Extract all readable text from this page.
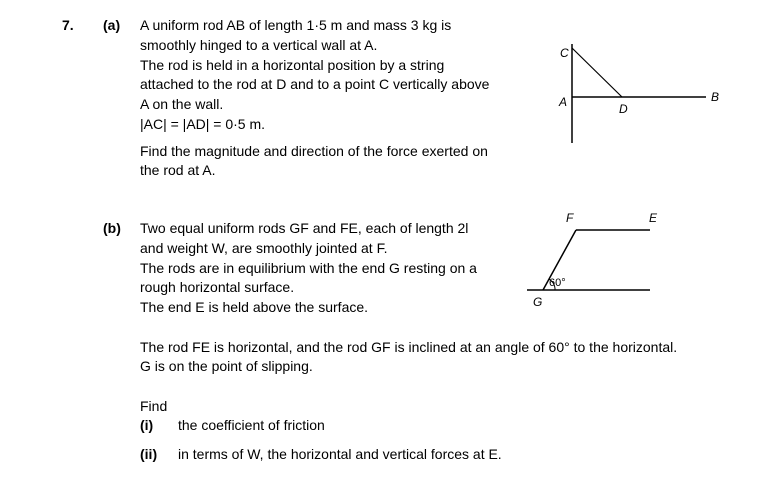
7. (a) A uniform rod AB of length 1·5 m and mass 3 kg is
smoothly hinged to a vertical wall at A.
The rod is held in a horizontal position by a string
attached to the rod at D and to a point C vertically above
A on the wall.
|AC| = |AD| = 0·5 m.
Find the magnitude and direction of the force exerted on
the rod at A.
(b) Two equal uniform rods GF and FE, each of length 2l
and weight W, are smoothly jointed at F.
The rods are in equilibrium with the end G resting on a
rough horizontal surface.
The end E is held above the surface.
The rod FE is horizontal, and the rod GF is inclined at an angle of 60° to the horizontal.
G is on the point of slipping.
Find
(i) the coefficient of friction
(ii) in terms of W, the horizontal and vertical forces at E.
C
A	D
B
F	E
G
60°
